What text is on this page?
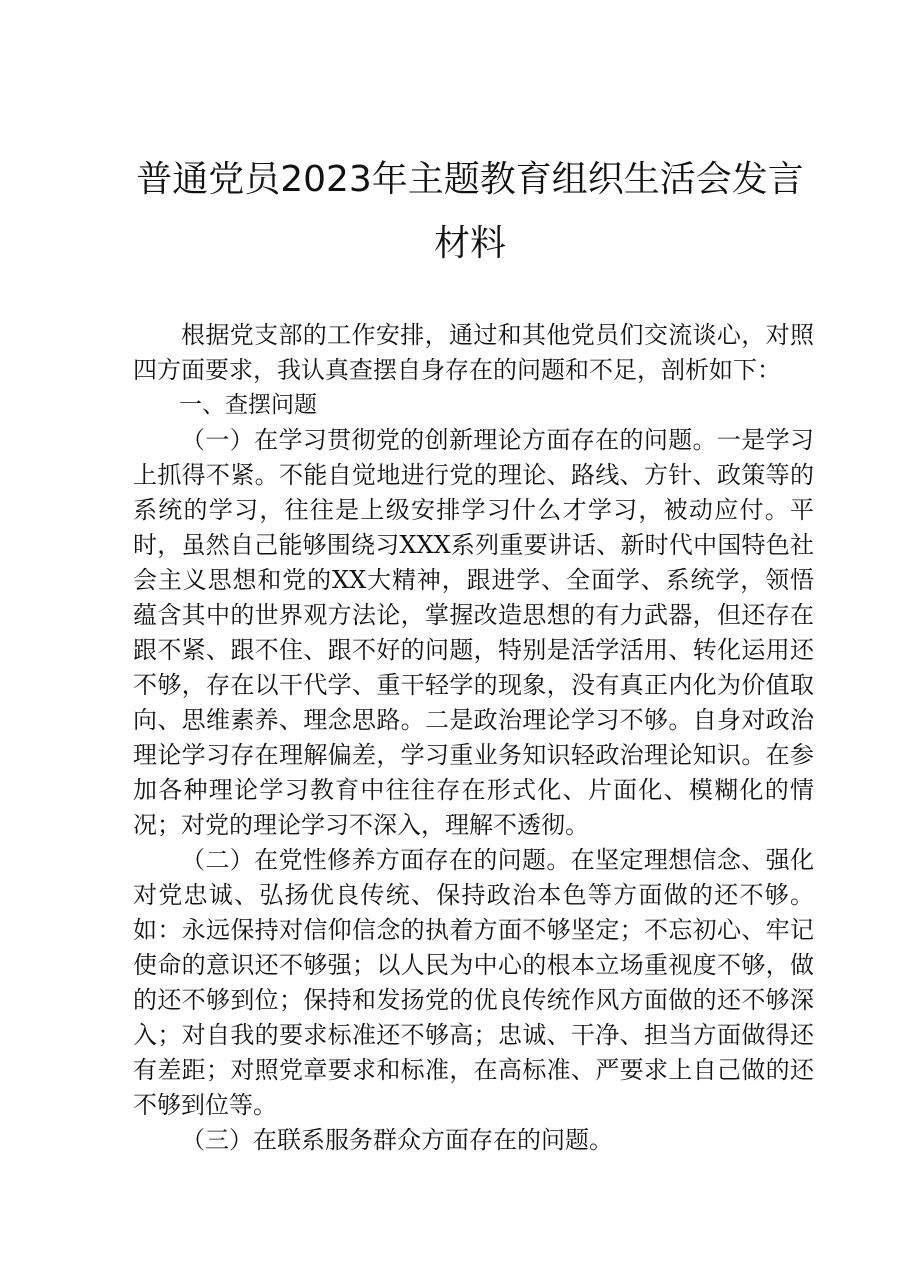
普通党员2023年主题教育组织生活会发言材料

根据党支部的工作安排，通过和其他党员们交流谈心，对照四方面要求，我认真查摆自身存在的问题和不足，剖析如下：

一、查摆问题

（一）在学习贯彻党的创新理论方面存在的问题。一是学习上抓得不紧。不能自觉地进行党的理论、路线、方针、政策等的系统的学习，往往是上级安排学习什么才学习，被动应付。平时，虽然自己能够围绕习XXX系列重要讲话、新时代中国特色社会主义思想和党的XX大精神，跟进学、全面学、系统学，领悟蕴含其中的世界观方法论，掌握改造思想的有力武器，但还存在跟不紧、跟不住、跟不好的问题，特别是活学活用、转化运用还不够，存在以干代学、重干轻学的现象，没有真正内化为价值取向、思维素养、理念思路。二是政治理论学习不够。自身对政治理论学习存在理解偏差，学习重业务知识轻政治理论知识。在参加各种理论学习教育中往往存在形式化、片面化、模糊化的情况；对党的理论学习不深入，理解不透彻。

（二）在党性修养方面存在的问题。在坚定理想信念、强化对党忠诚、弘扬优良传统、保持政治本色等方面做的还不够。如：永远保持对信仰信念的执着方面不够坚定；不忘初心、牢记使命的意识还不够强；以人民为中心的根本立场重视度不够，做的还不够到位；保持和发扬党的优良传统作风方面做的还不够深入；对自我的要求标准还不够高；忠诚、干净、担当方面做得还有差距；对照党章要求和标准，在高标准、严要求上自己做的还不够到位等。

（三）在联系服务群众方面存在的问题。
